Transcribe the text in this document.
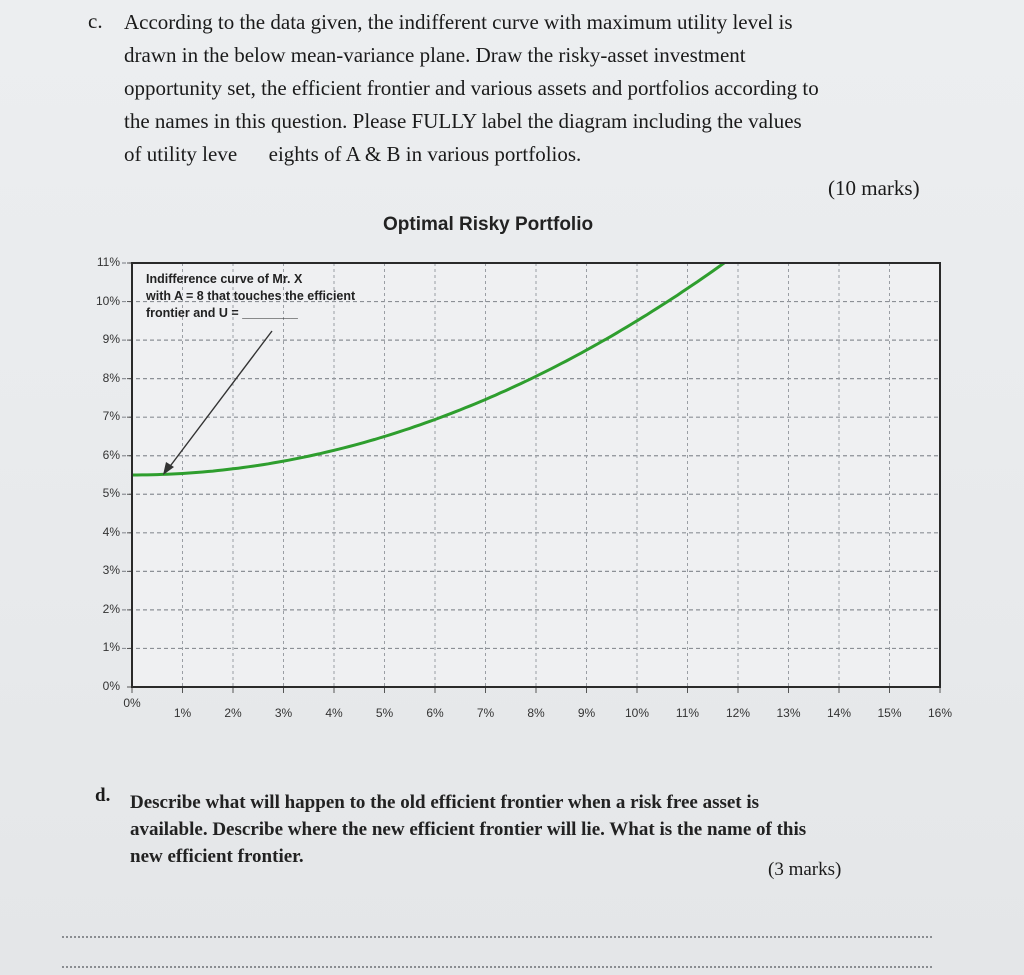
c. According to the data given, the indifferent curve with maximum utility level is
drawn in the below mean-variance plane. Draw the risky-asset investment
opportunity set, the efficient frontier and various assets and portfolios according to
the names in this question. Please FULLY label the diagram including the values
of utility leve      eights of A & B in various portfolios.
(10 marks)
Optimal Risky Portfolio
0%
1%
2%
3%
4%
5%
6%
7%
8%
9%
10%
11%
0%
1%	2%	3%	4%	5%	6%	7%	8%	9%	10%	11%	12%	13%	14%	15%	16%
Indifference curve of Mr. X
with A = 8 that touches the efficient
frontier and U = ________
d. Describe what will happen to the old efficient frontier when a risk free asset is
available. Describe where the new efficient frontier will lie. What is the name of this
new efficient frontier.
(3 marks)
